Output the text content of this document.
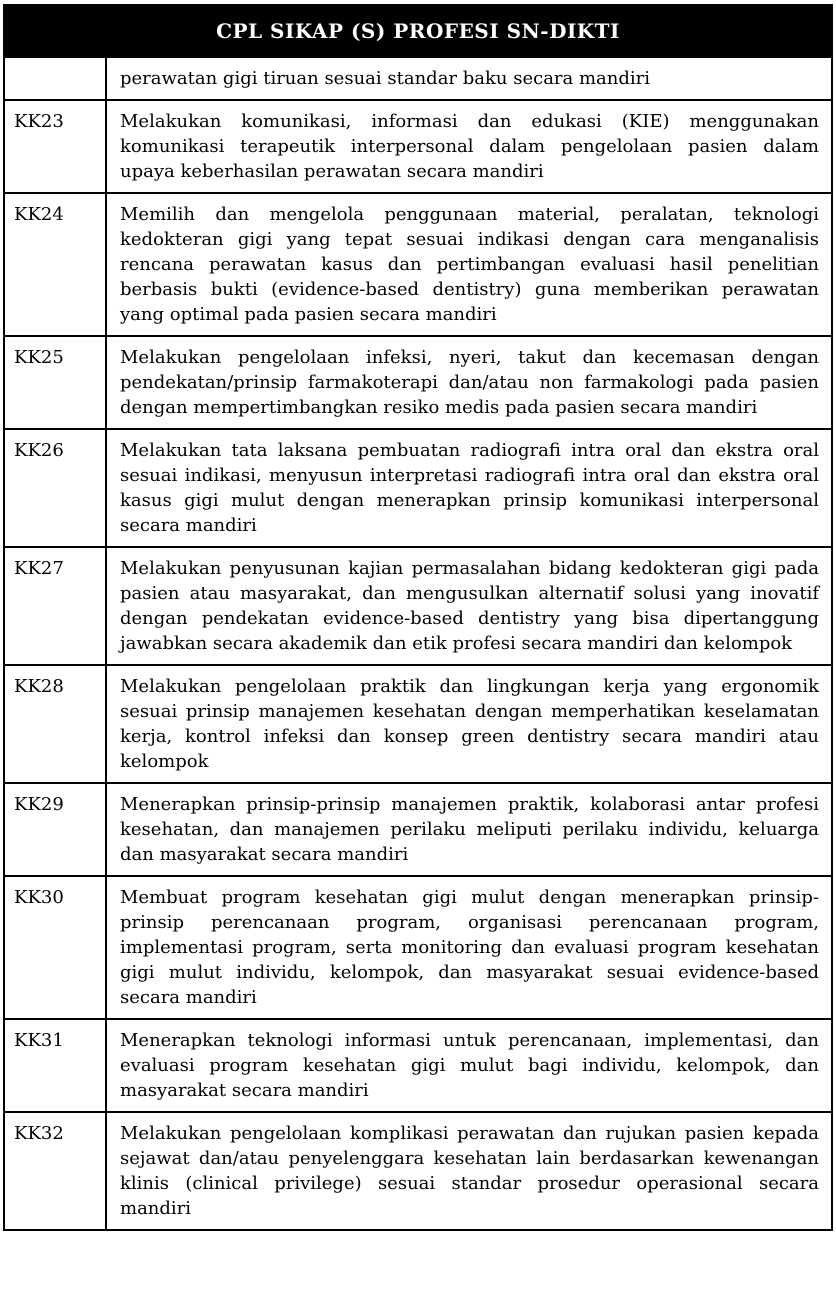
CPL SIKAP (S) PROFESI SN-DIKTI	
	perawatan gigi tiruan sesuai standar baku secara mandiri
KK23	Melakukan komunikasi, informasi dan edukasi (KIE) menggunakan komunikasi terapeutik interpersonal dalam pengelolaan pasien dalam upaya keberhasilan perawatan secara mandiri
KK24	Memilih dan mengelola penggunaan material, peralatan, teknologi kedokteran gigi yang tepat sesuai indikasi dengan cara menganalisis rencana perawatan kasus dan pertimbangan evaluasi hasil penelitian berbasis bukti (evidence-based dentistry) guna memberikan perawatan yang optimal pada pasien secara mandiri
KK25	Melakukan pengelolaan infeksi, nyeri, takut dan kecemasan dengan pendekatan/prinsip farmakoterapi dan/atau non farmakologi pada pasien dengan mempertimbangkan resiko medis pada pasien secara mandiri
KK26	Melakukan tata laksana pembuatan radiografi intra oral dan ekstra oral sesuai indikasi, menyusun interpretasi radiografi intra oral dan ekstra oral kasus gigi mulut dengan menerapkan prinsip komunikasi interpersonal secara mandiri
KK27	Melakukan penyusunan kajian permasalahan bidang kedokteran gigi pada pasien atau masyarakat, dan mengusulkan alternatif solusi yang inovatif dengan pendekatan evidence-based dentistry yang bisa dipertanggung jawabkan secara akademik dan etik profesi secara mandiri dan kelompok
KK28	Melakukan pengelolaan praktik dan lingkungan kerja yang ergonomik sesuai prinsip manajemen kesehatan dengan memperhatikan keselamatan kerja, kontrol infeksi dan konsep green dentistry secara mandiri atau kelompok
KK29	Menerapkan prinsip-prinsip manajemen praktik, kolaborasi antar profesi kesehatan, dan manajemen perilaku meliputi perilaku individu, keluarga dan masyarakat secara mandiri
KK30	Membuat program kesehatan gigi mulut dengan menerapkan prinsip-prinsip perencanaan program, organisasi perencanaan program, implementasi program, serta monitoring dan evaluasi program kesehatan gigi mulut individu, kelompok, dan masyarakat sesuai evidence-based secara mandiri
KK31	Menerapkan teknologi informasi untuk perencanaan, implementasi, dan evaluasi program kesehatan gigi mulut bagi individu, kelompok, dan masyarakat secara mandiri
KK32	Melakukan pengelolaan komplikasi perawatan dan rujukan pasien kepada sejawat dan/atau penyelenggara kesehatan lain berdasarkan kewenangan klinis (clinical privilege) sesuai standar prosedur operasional secara mandiri
